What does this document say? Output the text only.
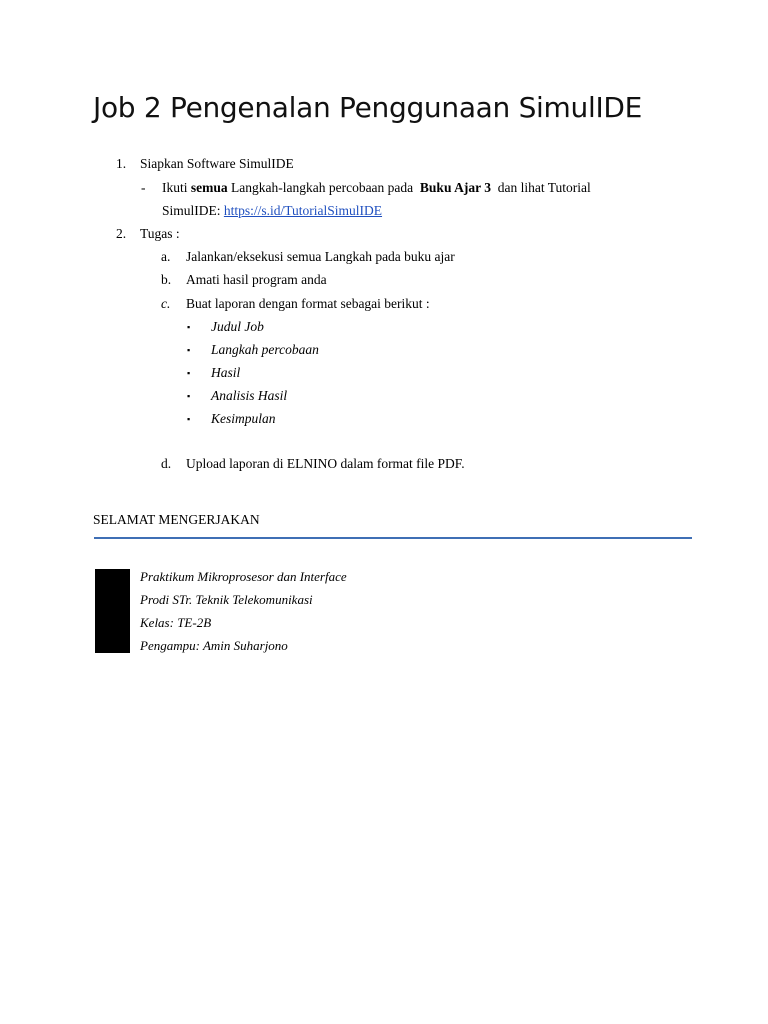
Job 2 Pengenalan Penggunaan SimulIDE
1. Siapkan Software SimulIDE
- Ikuti semua Langkah-langkah percobaan pada  Buku Ajar 3  dan lihat Tutorial
SimulIDE: https://s.id/TutorialSimulIDE
2. Tugas :
a. Jalankan/eksekusi semua Langkah pada buku ajar
b. Amati hasil program anda
c. Buat laporan dengan format sebagai berikut :
▪ Judul Job
▪ Langkah percobaan
▪ Hasil
▪ Analisis Hasil
▪ Kesimpulan
d. Upload laporan di ELNINO dalam format file PDF.
SELAMAT MENGERJAKAN
Praktikum Mikroprosesor dan Interface
Prodi STr. Teknik Telekomunikasi
Kelas: TE-2B
Pengampu: Amin Suharjono
